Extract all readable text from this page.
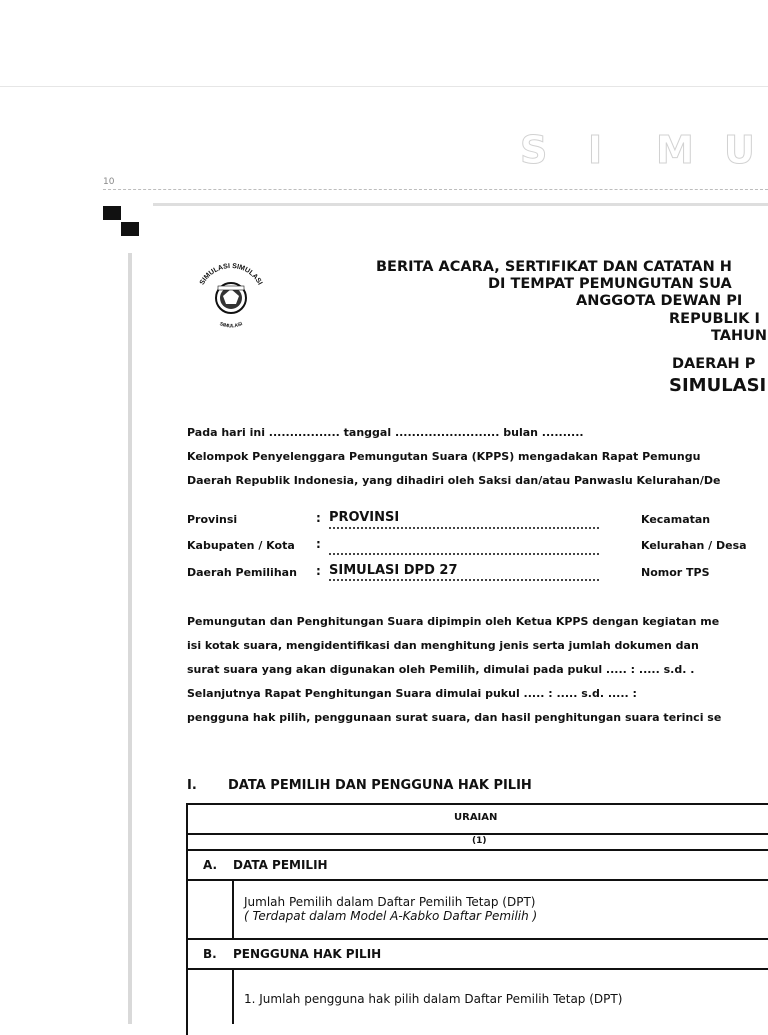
S I M U
10
SIMULASI SIMULASI
SIMULASI
BERITA ACARA, SERTIFIKAT DAN CATATAN H
DI TEMPAT PEMUNGUTAN SUA
ANGGOTA DEWAN PI
REPUBLIK I
TAHUN
DAERAH P
SIMULASI
Pada hari ini ................. tanggal ......................... bulan ..........
Kelompok Penyelenggara Pemungutan Suara (KPPS) mengadakan Rapat Pemungu
Daerah Republik Indonesia, yang dihadiri oleh Saksi dan/atau Panwaslu Kelurahan/De
Provinsi	: PROVINSI	Kecamatan
Kabupaten / Kota :	Kelurahan / Desa
Daerah Pemilihan : SIMULASI DPD 27	Nomor TPS
Pemungutan dan Penghitungan Suara dipimpin oleh Ketua KPPS dengan kegiatan me
isi kotak suara, mengidentifikasi dan menghitung jenis serta jumlah dokumen dan
surat suara yang akan digunakan oleh Pemilih, dimulai pada pukul ..... : ..... s.d. .
Selanjutnya Rapat Penghitungan Suara dimulai pukul ..... : ..... s.d. ..... :
pengguna hak pilih, penggunaan surat suara, dan hasil penghitungan suara terinci se
I. DATA PEMILIH DAN PENGGUNA HAK PILIH
URAIAN
(1)
A. DATA PEMILIH
Jumlah Pemilih dalam Daftar Pemilih Tetap (DPT)
( Terdapat dalam Model A-Kabko Daftar Pemilih )
B. PENGGUNA HAK PILIH
1. Jumlah pengguna hak pilih dalam Daftar Pemilih Tetap (DPT)
